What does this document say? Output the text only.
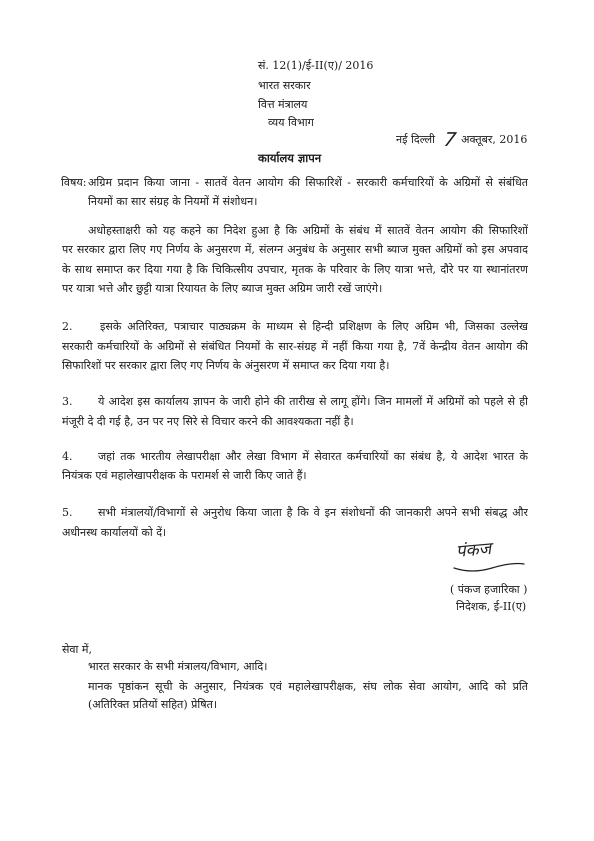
सं. 12(1)/ई-II(ए)/ 2016
भारत सरकार
वित्त मंत्रालय
व्यय विभाग
नई दिल्ली 7 अक्तूबर, 2016
कार्यालय ज्ञापन
विषय: अग्रिम प्रदान किया जाना - सातवें वेतन आयोग की सिफारिशें - सरकारी कर्मचारियों के अग्रिमों से संबंधित
नियमों का सार संग्रह के नियमों में संशोधन।
अधोहस्ताक्षरी को यह कहने का निदेश हुआ है कि अग्रिमों के संबंध में सातवें वेतन आयोग की सिफारिशों
पर सरकार द्वारा लिए गए निर्णय के अनुसरण में, संलग्न अनुबंध के अनुसार सभी ब्याज मुक्त अग्रिमों को इस अपवाद
के साथ समाप्त कर दिया गया है कि चिकित्सीय उपचार, मृतक के परिवार के लिए यात्रा भत्ते, दौरे पर या स्थानांतरण
पर यात्रा भत्ते और छुट्टी यात्रा रियायत के लिए ब्याज मुक्त अग्रिम जारी रखें जाएंगे।
2.	इसके अतिरिक्त, पत्राचार पाठ्यक्रम के माध्यम से हिन्दी प्रशिक्षण के लिए अग्रिम भी, जिसका उल्लेख
सरकारी कर्मचारियों के अग्रिमों से संबंधित नियमों के सार-संग्रह में नहीं किया गया है, 7वें केन्द्रीय वेतन आयोग की
सिफारिशों पर सरकार द्वारा लिए गए निर्णय के अंनुसरण में समाप्त कर दिया गया है।
3. ये आदेश इस कार्यालय ज्ञापन के जारी होने की तारीख से लागू होंगे। जिन मामलों में अग्रिमों को पहले से ही
मंजूरी दे दी गई है, उन पर नए सिरे से विचार करने की आवश्यकता नहीं है।
4. जहां तक भारतीय लेखापरीक्षा और लेखा विभाग में सेवारत कर्मचारियों का संबंध है, ये आदेश भारत के
नियंत्रक एवं महालेखापरीक्षक के परामर्श से जारी किए जाते हैं।
5. सभी मंत्रालयों/विभागों से अनुरोध किया जाता है कि वे इन संशोधनों की जानकारी अपने सभी संबद्ध और
अधीनस्थ कार्यालयों को दें।
पंकज
( पंकज हजारिका )
निदेशक, ई-II(ए)
सेवा में,
भारत सरकार के सभी मंत्रालय/विभाग, आदि।
मानक पृष्ठांकन सूची के अनुसार, नियंत्रक एवं महालेखापरीक्षक, संघ लोक सेवा आयोग, आदि को प्रति
(अतिरिक्त प्रतियों सहित) प्रेषित।
